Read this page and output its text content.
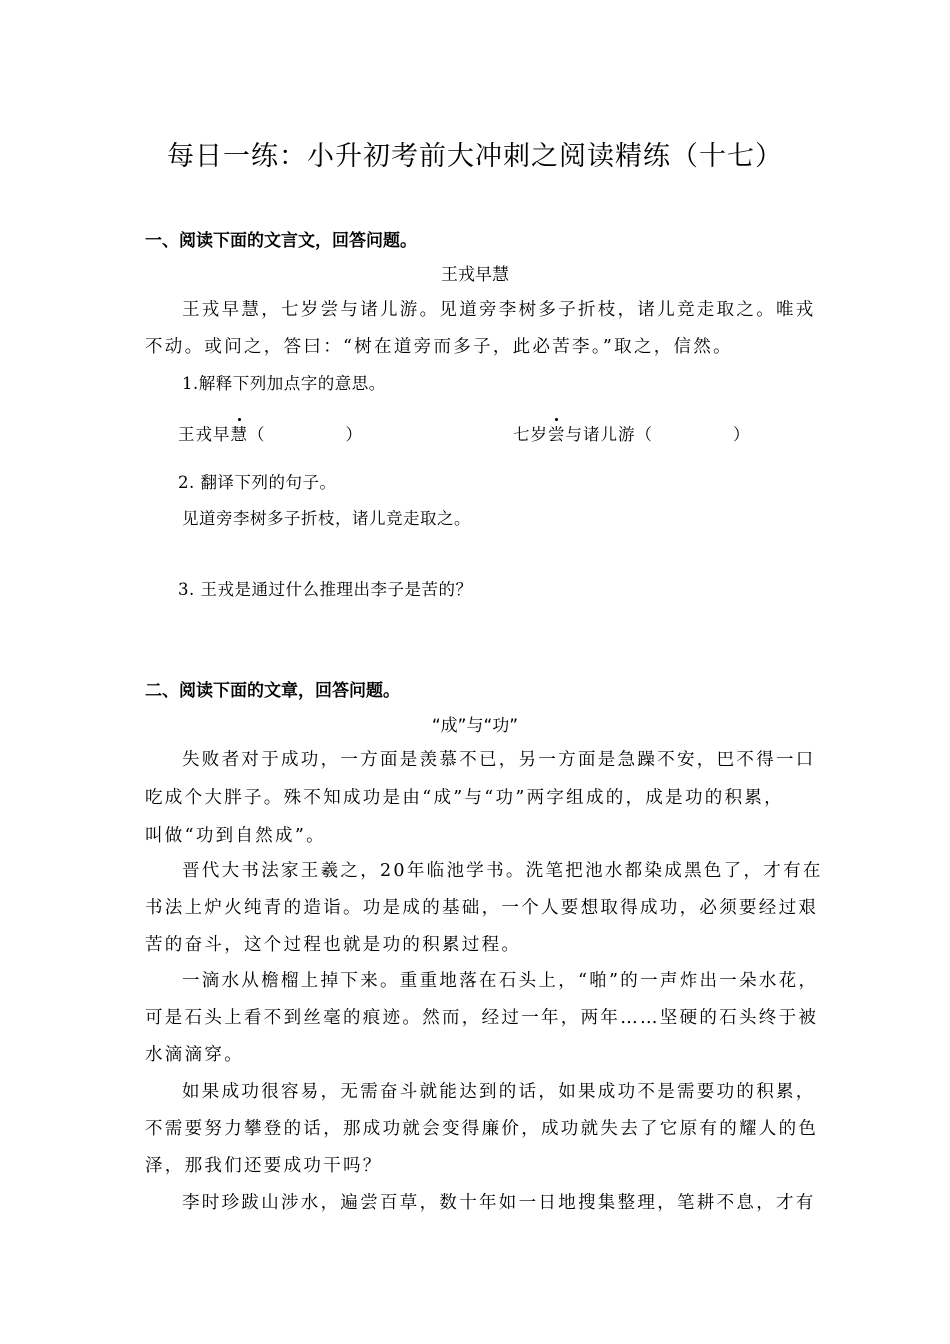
每日一练：小升初考前大冲刺之阅读精练（十七）
一、阅读下面的文言文，回答问题。
王戎早慧
王戎早慧，七岁尝与诸儿游。见道旁李树多子折枝，诸儿竞走取之。唯戎
不动。或问之，答曰：“树在道旁而多子，此必苦李。”取之，信然。
1.解释下列加点字的意思。
王戎早慧（	）	七岁尝与诸儿游（	）
2. 翻译下列的句子。
见道旁李树多子折枝，诸儿竞走取之。
3. 王戎是通过什么推理出李子是苦的？
二、阅读下面的文章，回答问题。
“成”与“功”
失败者对于成功，一方面是羡慕不已，另一方面是急躁不安，巴不得一口
吃成个大胖子。殊不知成功是由“成”与“功”两字组成的，成是功的积累，
叫做“功到自然成”。
晋代大书法家王羲之，20年临池学书。洗笔把池水都染成黑色了，才有在
书法上炉火纯青的造诣。功是成的基础，一个人要想取得成功，必须要经过艰
苦的奋斗，这个过程也就是功的积累过程。
一滴水从檐榴上掉下来。重重地落在石头上，“啪”的一声炸出一朵水花，
可是石头上看不到丝毫的痕迹。然而，经过一年，两年……坚硬的石头终于被
水滴滴穿。
如果成功很容易，无需奋斗就能达到的话，如果成功不是需要功的积累，
不需要努力攀登的话，那成功就会变得廉价，成功就失去了它原有的耀人的色
泽，那我们还要成功干吗？
李时珍跋山涉水，遍尝百草，数十年如一日地搜集整理，笔耕不息，才有
